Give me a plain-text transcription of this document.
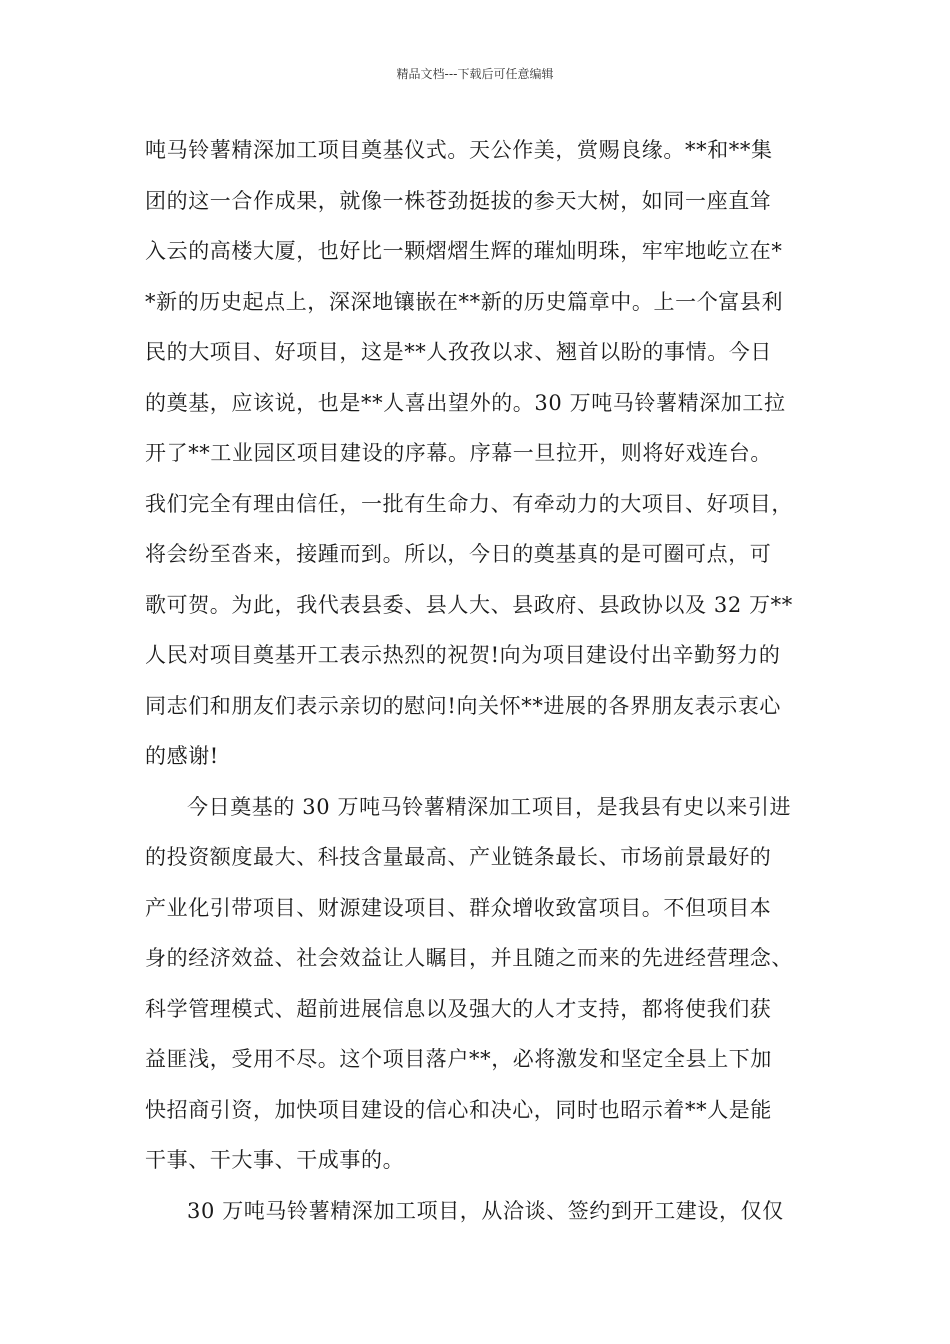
精品文档---下载后可任意编辑
吨马铃薯精深加工项目奠基仪式。天公作美，赏赐良缘。**和**集
团的这一合作成果，就像一株苍劲挺拔的参天大树，如同一座直耸
入云的高楼大厦，也好比一颗熠熠生辉的璀灿明珠，牢牢地屹立在*
*新的历史起点上，深深地镶嵌在**新的历史篇章中。上一个富县利
民的大项目、好项目，这是**人孜孜以求、翘首以盼的事情。今日
的奠基，应该说，也是**人喜出望外的。30 万吨马铃薯精深加工拉
开了**工业园区项目建设的序幕。序幕一旦拉开，则将好戏连台。
我们完全有理由信任，一批有生命力、有牵动力的大项目、好项目，
将会纷至沓来，接踵而到。所以，今日的奠基真的是可圈可点，可
歌可贺。为此，我代表县委、县人大、县政府、县政协以及 32 万**
人民对项目奠基开工表示热烈的祝贺!向为项目建设付出辛勤努力的
同志们和朋友们表示亲切的慰问!向关怀**进展的各界朋友表示衷心
的感谢!
今日奠基的 30 万吨马铃薯精深加工项目，是我县有史以来引进
的投资额度最大、科技含量最高、产业链条最长、市场前景最好的
产业化引带项目、财源建设项目、群众增收致富项目。不但项目本
身的经济效益、社会效益让人瞩目，并且随之而来的先进经营理念、
科学管理模式、超前进展信息以及强大的人才支持，都将使我们获
益匪浅，受用不尽。这个项目落户**，必将激发和坚定全县上下加
快招商引资，加快项目建设的信心和决心，同时也昭示着**人是能
干事、干大事、干成事的。
30 万吨马铃薯精深加工项目，从洽谈、签约到开工建设，仅仅
